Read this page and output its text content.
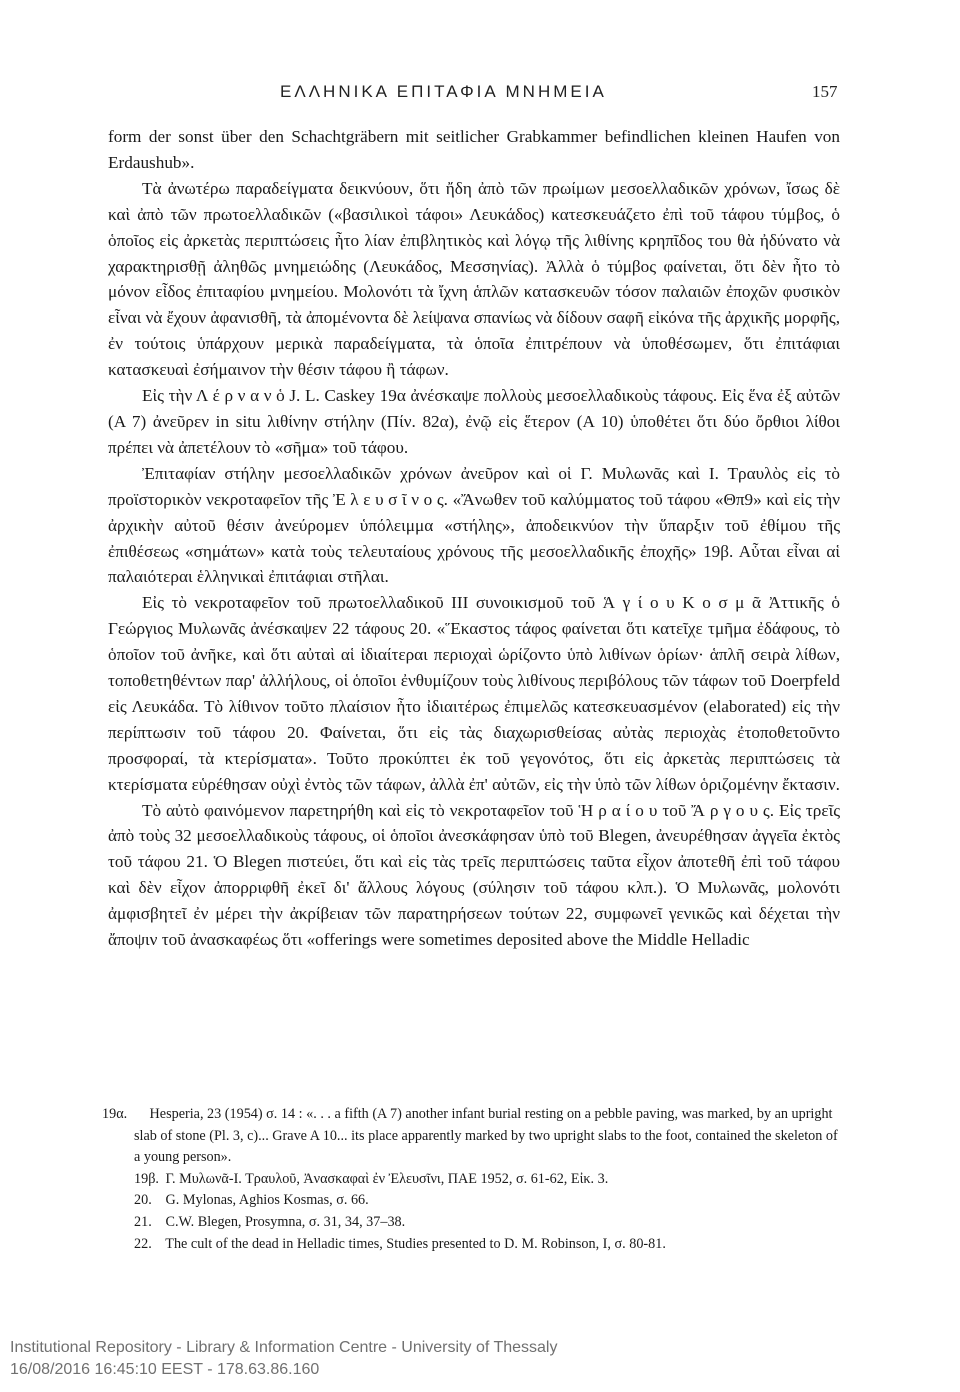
ΕΛΛΗΝΙΚΑ ΕΠΙΤΑΦΙΑ ΜΝΗΜΕΙΑ	157

form der sonst über den Schachtgräbern mit seitlicher Grabkammer befindlichen kleinen Haufen von Erdaushub».

Τὰ ἀνωτέρω παραδείγματα δεικνύουν, ὅτι ἤδη ἀπὸ τῶν πρωίμων μεσοελλαδικῶν χρόνων, ἴσως δὲ καὶ ἀπὸ τῶν πρωτοελλαδικῶν («βασιλικοὶ τάφοι» Λευκάδος) κατεσκευάζετο ἐπὶ τοῦ τάφου τύμβος, ὁ ὁποῖος εἰς ἀρκετὰς περιπτώσεις ἦτο λίαν ἐπιβλητικὸς καὶ λόγῳ τῆς λιθίνης κρηπῖδος του θὰ ἠδύνατο νὰ χαρακτηρισθῇ ἀληθῶς μνημειώδης (Λευκάδος, Μεσσηνίας). Ἀλλὰ ὁ τύμβος φαίνεται, ὅτι δὲν ἦτο τὸ μόνον εἶδος ἐπιταφίου μνημείου. Μολονότι τὰ ἴχνη ἁπλῶν κατασκευῶν τόσον παλαιῶν ἐποχῶν φυσικὸν εἶναι νὰ ἔχουν ἀφανισθῆ, τὰ ἀπομένοντα δὲ λείψανα σπανίως νὰ δίδουν σαφῆ εἰκόνα τῆς ἀρχικῆς μορφῆς, ἐν τούτοις ὑπάρχουν μερικὰ παραδείγματα, τὰ ὁποῖα ἐπιτρέπουν νὰ ὑποθέσωμεν, ὅτι ἐπιτάφιαι κατασκευαὶ ἐσήμαινον τὴν θέσιν τάφου ἢ τάφων.

Εἰς τὴν Λ έ ρ ν α ν ὁ J. L. Caskey 19α ἀνέσκαψε πολλοὺς μεσοελλαδικοὺς τάφους. Εἰς ἕνα ἐξ αὐτῶν (A 7) ἀνεῦρεν in situ λιθίνην στήλην (Πίν. 82α), ἐνῷ εἰς ἕτερον (A 10) ὑποθέτει ὅτι δύο ὄρθιοι λίθοι πρέπει νὰ ἀπετέλουν τὸ «σῆμα» τοῦ τάφου.

Ἐπιταφίαν στήλην μεσοελλαδικῶν χρόνων ἀνεῦρον καὶ οἱ Γ. Μυλωνᾶς καὶ Ι. Τραυλὸς εἰς τὸ προϊστορικὸν νεκροταφεῖον τῆς Ἐ λ ε υ σ ῖ ν ο ς. «Ἄνωθεν τοῦ καλύμματος τοῦ τάφου «Θπ9» καὶ εἰς τὴν ἀρχικὴν αὐτοῦ θέσιν ἀνεύρομεν ὑπόλειμμα «στήλης», ἀποδεικνύον τὴν ὕπαρξιν τοῦ ἐθίμου τῆς ἐπιθέσεως «σημάτων» κατὰ τοὺς τελευταίους χρόνους τῆς μεσοελλαδικῆς ἐποχῆς» 19β. Αὗται εἶναι αἱ παλαιότεραι ἑλληνικαὶ ἐπιτάφιαι στῆλαι.

Εἰς τὸ νεκροταφεῖον τοῦ πρωτοελλαδικοῦ III συνοικισμοῦ τοῦ Ἁ γ ί ο υ Κ ο σ μ ᾶ Ἀττικῆς ὁ Γεώργιος Μυλωνᾶς ἀνέσκαψεν 22 τάφους 20. «Ἕκαστος τάφος φαίνεται ὅτι κατεῖχε τμῆμα ἐδάφους, τὸ ὁποῖον τοῦ ἀνῆκε, καὶ ὅτι αὐταὶ αἱ ἰδιαίτεραι περιοχαὶ ὡρίζοντο ὑπὸ λιθίνων ὁρίων· ἁπλῆ σειρὰ λίθων, τοποθετηθέντων παρ' ἀλλήλους, οἱ ὁποῖοι ἐνθυμίζουν τοὺς λιθίνους περιβόλους τῶν τάφων τοῦ Doerpfeld εἰς Λευκάδα. Τὸ λίθινον τοῦτο πλαίσιον ἦτο ἰδιαιτέρως ἐπιμελῶς κατεσκευασμένον (elaborated) εἰς τὴν περίπτωσιν τοῦ τάφου 20. Φαίνεται, ὅτι εἰς τὰς διαχωρισθείσας αὐτὰς περιοχὰς ἐτοποθετοῦντο προσφοραί, τὰ κτερίσματα». Τοῦτο προκύπτει ἐκ τοῦ γεγονότος, ὅτι εἰς ἀρκετὰς περιπτώσεις τὰ κτερίσματα εὑρέθησαν οὐχὶ ἐντὸς τῶν τάφων, ἀλλὰ ἐπ' αὐτῶν, εἰς τὴν ὑπὸ τῶν λίθων ὁριζομένην ἔκτασιν.

Τὸ αὐτὸ φαινόμενον παρετηρήθη καὶ εἰς τὸ νεκροταφεῖον τοῦ Ἡ ρ α ί ο υ τοῦ Ἄ ρ γ ο υ ς. Εἰς τρεῖς ἀπὸ τοὺς 32 μεσοελλαδικοὺς τάφους, οἱ ὁποῖοι ἀνεσκάφησαν ὑπὸ τοῦ Blegen, ἀνευρέθησαν ἀγγεῖα ἐκτὸς τοῦ τάφου 21. Ὁ Blegen πιστεύει, ὅτι καὶ εἰς τὰς τρεῖς περιπτώσεις ταῦτα εἶχον ἀποτεθῆ ἐπὶ τοῦ τάφου καὶ δὲν εἶχον ἀπορριφθῆ ἐκεῖ δι' ἄλλους λόγους (σύλησιν τοῦ τάφου κλπ.). Ὁ Μυλωνᾶς, μολονότι ἀμφισβητεῖ ἐν μέρει τὴν ἀκρίβειαν τῶν παρατηρήσεων τούτων 22, συμφωνεῖ γενικῶς καὶ δέχεται τὴν ἄποψιν τοῦ ἀνασκαφέως ὅτι «offerings were sometimes deposited above the Middle Helladic

19α. Hesperia, 23 (1954) σ. 14 : «. . . a fifth (A 7) another infant burial resting on a pebble paving, was marked, by an upright slab of stone (Pl. 3, c)... Grave A 10... its place apparently marked by two upright slabs to the foot, contained the skeleton of a young person».

19β. Γ. Μυλωνᾶ-Ι. Τραυλοῦ, Ἀνασκαφαὶ ἐν Ἐλευσῖνι, ΠΑΕ 1952, σ. 61-62, Εἰκ. 3.

20. G. Mylonas, Aghios Kosmas, σ. 66.

21. C.W. Blegen, Prosymna, σ. 31, 34, 37–38.

22. The cult of the dead in Helladic times, Studies presented to D. M. Robinson, I, σ. 80-81.

Institutional Repository - Library & Information Centre - University of Thessaly
16/08/2016 16:45:10 EEST - 178.63.86.160
